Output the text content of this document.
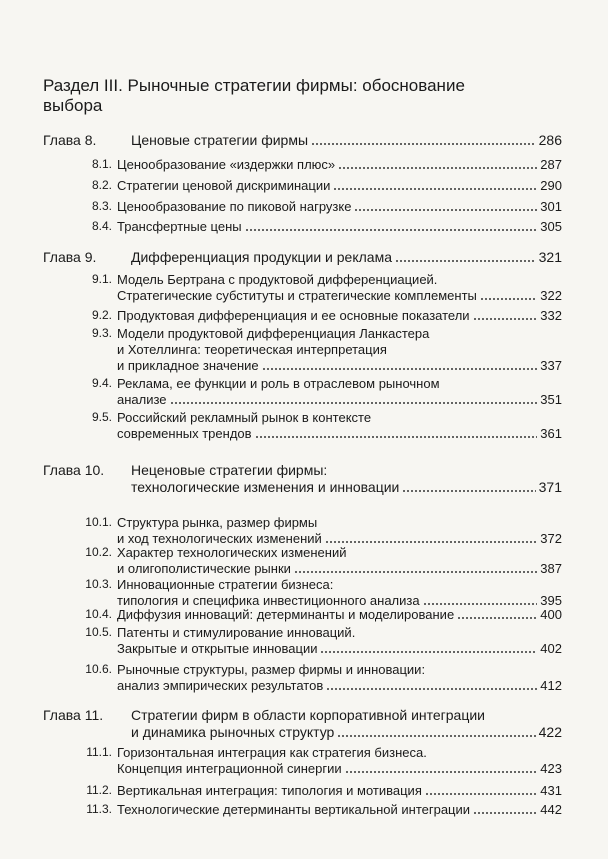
Раздел III. Рыночные стратегии фирмы: обоснование выбора
Глава 8. Ценовые стратегии фирмы	286
8.1. Ценообразование «издержки плюс»	287
8.2. Стратегии ценовой дискриминации	290
8.3. Ценообразование по пиковой нагрузке	301
8.4. Трансфертные цены	305
Глава 9. Дифференциация продукции и реклама	321
9.1. Модель Бертрана с продуктовой дифференциацией.
Стратегические субституты и стратегические комплементы	322
9.2. Продуктовая дифференциация и ее основные показатели	332
9.3. Модели продуктовой дифференциация Ланкастера
и Хотеллинга: теоретическая интерпретация
и прикладное значение	337
9.4. Реклама, ее функции и роль в отраслевом рыночном
анализе	351
9.5. Российский рекламный рынок в контексте
современных трендов	361
Глава 10. Неценовые стратегии фирмы:
технологические изменения и инновации	371
10.1. Структура рынка, размер фирмы
и ход технологических изменений	372
10.2. Характер технологических изменений
и олигополистические рынки	387
10.3. Инновационные стратегии бизнеса:
типология и специфика инвестиционного анализа	395
10.4. Диффузия инноваций: детерминанты и моделирование	400
10.5. Патенты и стимулирование инноваций.
Закрытые и открытые инновации	402
10.6. Рыночные структуры, размер фирмы и инновации:
анализ эмпирических результатов	412
Глава 11. Стратегии фирм в области корпоративной интеграции
и динамика рыночных структур	422
11.1. Горизонтальная интеграция как стратегия бизнеса.
Концепция интеграционной синергии	423
11.2. Вертикальная интеграция: типология и мотивация	431
11.3. Технологические детерминанты вертикальной интеграции	442
